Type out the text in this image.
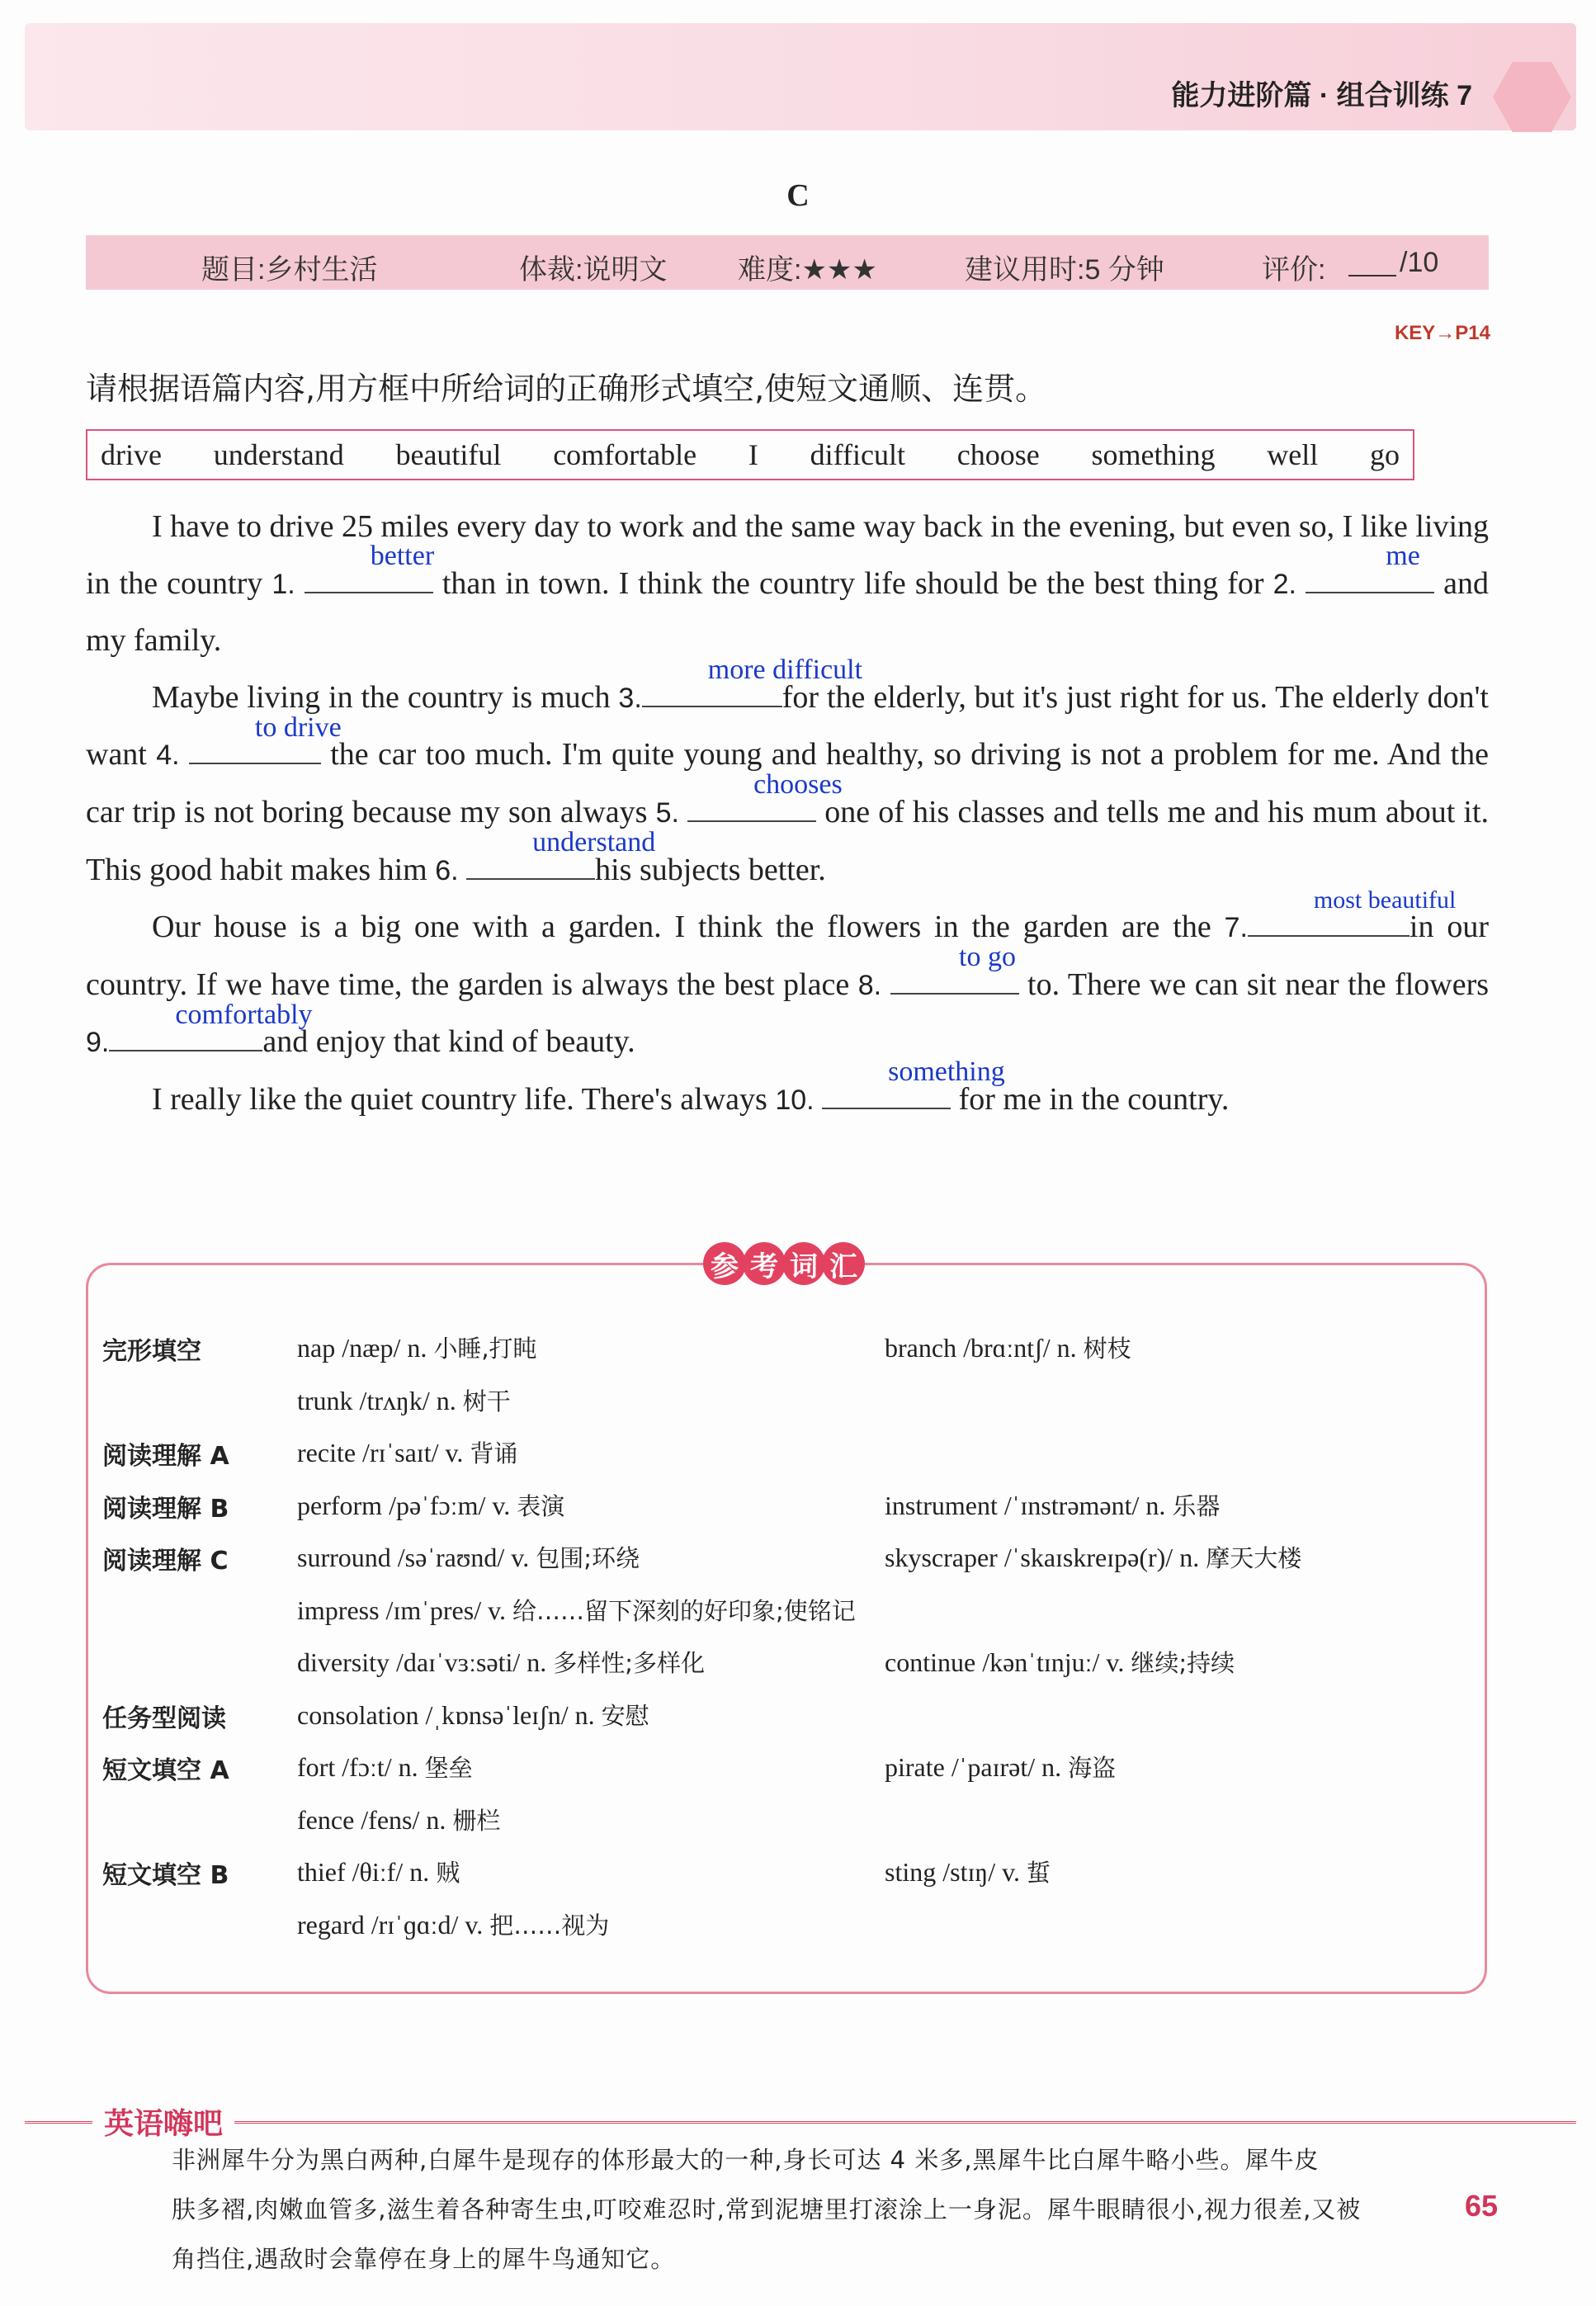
能力进阶篇 · 组合训练 7
C
题目:乡村生活	体裁:说明文	难度:★★★	建议用时:5 分钟	评价:	/10
KEY→P14
请根据语篇内容,用方框中所给词的正确形式填空,使短文通顺、连贯。
drive understand beautiful comfortable I difficult choose something well go

I have to drive 25 miles every day to work and the same way back in the evening, but even so, I like living in the country 1.
better
than in town. I think the country life should be the best thing for 2.
me
and my family.

Maybe living in the country is much 3.
more difficult
for the elderly, but it's just right for us. The elderly don't want 4.
to drive
the car too much. I'm quite young and healthy, so driving is not a problem for me. And the car trip is not boring because my son always 5.
chooses
one of his classes and tells me and his mum about it. This good habit makes him 6.
understand
his subjects better.

Our house is a big one with a garden. I think the flowers in the garden are the 7.
most beautiful
in our country. If we have time, the garden is always the best place 8.
to go
to. There we can sit near the flowers 9.
comfortably
and enjoy that kind of beauty.

I really like the quiet country life. There's always 10.
something
for me in the country.

参 考 词 汇
完形填空	nap /næp/ n. 小睡,打盹	branch /brɑːntʃ/ n. 树枝
trunk /trʌŋk/ n. 树干
阅读理解 A	recite /rɪˈsaɪt/ v. 背诵
阅读理解 B	perform /pəˈfɔːm/ v. 表演	instrument /ˈɪnstrəmənt/ n. 乐器
阅读理解 C	surround /səˈraʊnd/ v. 包围;环绕	skyscraper /ˈskaɪskreɪpə(r)/ n. 摩天大楼
impress /ɪmˈpres/ v. 给……留下深刻的好印象;使铭记
diversity /daɪˈvɜːsəti/ n. 多样性;多样化	continue /kənˈtɪnjuː/ v. 继续;持续
任务型阅读	consolation /ˌkɒnsəˈleɪʃn/ n. 安慰
短文填空 A	fort /fɔːt/ n. 堡垒	pirate /ˈpaɪrət/ n. 海盗
fence /fens/ n. 栅栏
短文填空 B	thief /θiːf/ n. 贼	sting /stɪŋ/ v. 蜇
regard /rɪˈɡɑːd/ v. 把……视为
英语嗨吧
非洲犀牛分为黑白两种,白犀牛是现存的体形最大的一种,身长可达 4 米多,黑犀牛比白犀牛略小些。犀牛皮
肤多褶,肉嫩血管多,滋生着各种寄生虫,叮咬难忍时,常到泥塘里打滚涂上一身泥。犀牛眼睛很小,视力很差,又被
角挡住,遇敌时会靠停在身上的犀牛鸟通知它。
65
